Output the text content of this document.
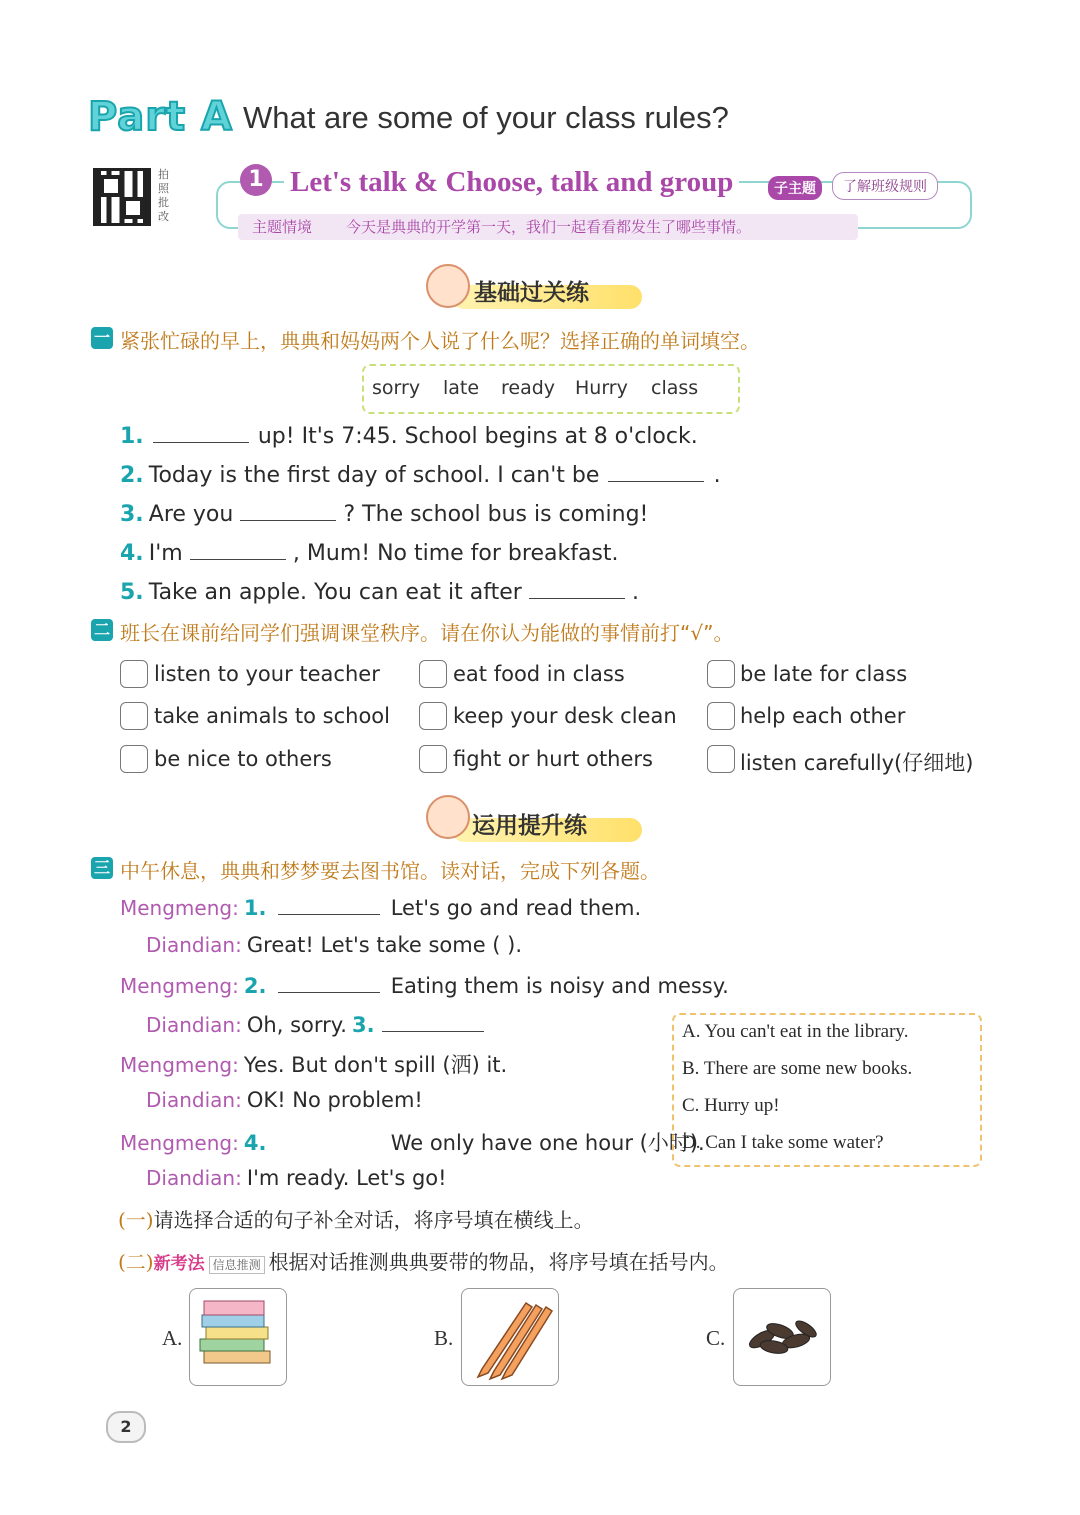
Part A What are some of your class rules?
拍照批改
1 Let's talk & Choose, talk and group	子主题	了解班级规则
主题情境 今天是典典的开学第一天，我们一起看看都发生了哪些事情。
基础过关练
一 紧张忙碌的早上，典典和妈妈两个人说了什么呢？选择正确的单词填空。
sorry late ready Hurry class
1.	up! It's 7:45. School begins at 8 o'clock.
2. Today is the first day of school. I can't be	.
3. Are you	? The school bus is coming!
4. I'm	, Mum! No time for breakfast.
5. Take an apple. You can eat it after	.
二 班长在课前给同学们强调课堂秩序。请在你认为能做的事情前打“√”。
listen to your teacher	eat food in class	be late for class
take animals to school	keep your desk clean	help each other
be nice to others	fight or hurt others	listen carefully(仔细地)
运用提升练
三 中午休息，典典和梦梦要去图书馆。读对话，完成下列各题。
Mengmeng: 1.	Let's go and read them.
Diandian: Great! Let's take some ( ).
Mengmeng: 2.	Eating them is noisy and messy.
Diandian: Oh, sorry. 3.
Mengmeng: Yes. But don't spill (洒) it.
Diandian: OK! No problem!
Mengmeng: 4.	We only have one hour (小时).
Diandian: I'm ready. Let's go!
A. You can't eat in the library.
B. There are some new books.
C. Hurry up!
D. Can I take some water?
(一)请选择合适的句子补全对话，将序号填在横线上。
(二)新考法 信息推测 根据对话推测典典要带的物品，将序号填在括号内。
A.	B.	C.
2
